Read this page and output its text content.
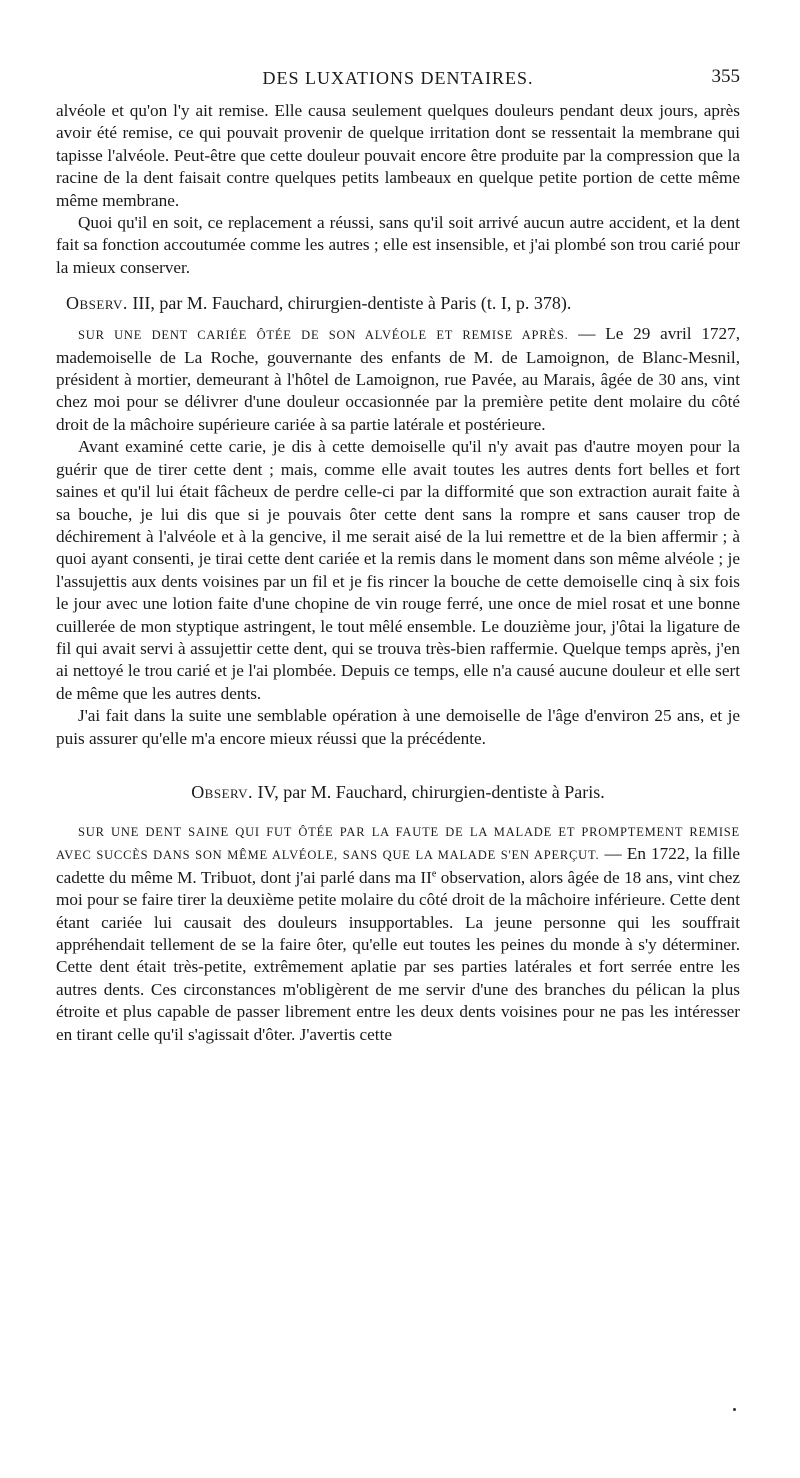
DES LUXATIONS DENTAIRES.	355

alvéole et qu'on l'y ait remise. Elle causa seulement quelques douleurs pendant deux jours, après avoir été remise, ce qui pouvait provenir de quelque irritation dont se ressentait la membrane qui tapisse l'alvéole. Peut-être que cette douleur pouvait encore être produite par la compression que la racine de la dent faisait contre quelques petits lambeaux en quelque petite portion de cette même même membrane.

Quoi qu'il en soit, ce replacement a réussi, sans qu'il soit arrivé aucun autre accident, et la dent fait sa fonction accoutumée comme les autres ; elle est insensible, et j'ai plombé son trou carié pour la mieux conserver.

Observ. III, par M. Fauchard, chirurgien-dentiste à Paris (t. I, p. 378).

SUR UNE DENT CARIÉE ÔTÉE DE SON ALVÉOLE ET REMISE APRÈS. — Le 29 avril 1727, mademoiselle de La Roche, gouvernante des enfants de M. de Lamoignon, de Blanc-Mesnil, président à mortier, demeurant à l'hôtel de Lamoignon, rue Pavée, au Marais, âgée de 30 ans, vint chez moi pour se délivrer d'une douleur occasionnée par la première petite dent molaire du côté droit de la mâchoire supérieure cariée à sa partie latérale et postérieure.

Avant examiné cette carie, je dis à cette demoiselle qu'il n'y avait pas d'autre moyen pour la guérir que de tirer cette dent ; mais, comme elle avait toutes les autres dents fort belles et fort saines et qu'il lui était fâcheux de perdre celle-ci par la difformité que son extraction aurait faite à sa bouche, je lui dis que si je pouvais ôter cette dent sans la rompre et sans causer trop de déchirement à l'alvéole et à la gencive, il me serait aisé de la lui remettre et de la bien affermir ; à quoi ayant consenti, je tirai cette dent cariée et la remis dans le moment dans son même alvéole ; je l'assujettis aux dents voisines par un fil et je fis rincer la bouche de cette demoiselle cinq à six fois le jour avec une lotion faite d'une chopine de vin rouge ferré, une once de miel rosat et une bonne cuillerée de mon styptique astringent, le tout mêlé ensemble. Le douzième jour, j'ôtai la ligature de fil qui avait servi à assujettir cette dent, qui se trouva très-bien raffermie. Quelque temps après, j'en ai nettoyé le trou carié et je l'ai plombée. Depuis ce temps, elle n'a causé aucune douleur et elle sert de même que les autres dents.

J'ai fait dans la suite une semblable opération à une demoiselle de l'âge d'environ 25 ans, et je puis assurer qu'elle m'a encore mieux réussi que la précédente.

Observ. IV, par M. Fauchard, chirurgien-dentiste à Paris.

SUR UNE DENT SAINE QUI FUT ÔTÉE PAR LA FAUTE DE LA MALADE ET PROMPTEMENT REMISE AVEC SUCCÈS DANS SON MÊME ALVÉOLE, SANS QUE LA MALADE S'EN APERÇUT. — En 1722, la fille cadette du même M. Tribuot, dont j'ai parlé dans ma IIe observation, alors âgée de 18 ans, vint chez moi pour se faire tirer la deuxième petite molaire du côté droit de la mâchoire inférieure. Cette dent étant cariée lui causait des douleurs insupportables. La jeune personne qui les souffrait appréhendait tellement de se la faire ôter, qu'elle eut toutes les peines du monde à s'y déterminer. Cette dent était très-petite, extrêmement aplatie par ses parties latérales et fort serrée entre les autres dents. Ces circonstances m'obligèrent de me servir d'une des branches du pélican la plus étroite et plus capable de passer librement entre les deux dents voisines pour ne pas les intéresser en tirant celle qu'il s'agissait d'ôter. J'avertis cette
